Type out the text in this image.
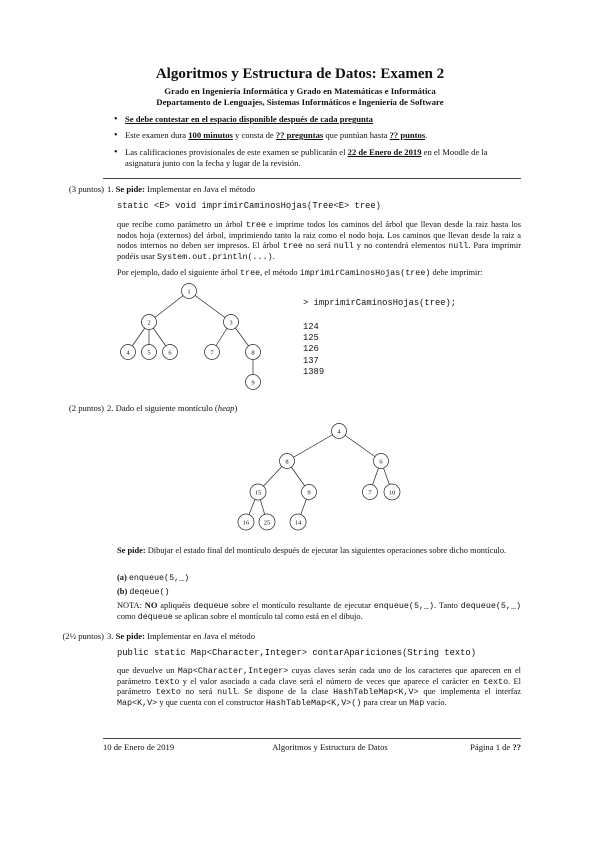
Algoritmos y Estructura de Datos: Examen 2
Grado en Ingeniería Informática y Grado en Matemáticas e Informática
Departamento de Lenguajes, Sistemas Informáticos e Ingeniería de Software
• Se debe contestar en el espacio disponible después de cada pregunta
• Este examen dura 100 minutos y consta de ?? preguntas que puntúan hasta ?? puntos.
• Las calificaciones provisionales de este examen se publicarán el 22 de Enero de 2019 en el Moodle de la asignatura junto con la fecha y lugar de la revisión.
(3 puntos) 1. Se pide: Implementar en Java el método
static <E> void imprimirCaminosHojas(Tree<E> tree)
que recibe como parámetro un árbol tree e imprime todos los caminos del árbol que llevan desde la raiz hasta los nodos hoja (externos) del árbol, imprimiendo tanto la raiz como el nodo hoja. Los caminos que llevan desde la raiz a nodos internos no deben ser impresos. El árbol tree no será null y no contendrá elementos null. Para imprimir podéis usar System.out.println(...).
Por ejemplo, dado el siguiente árbol tree, el método imprimirCaminosHojas(tree) debe imprimir:
1
2	3
4	5	6	7	8
9
4
8	6
15	9	7	10
16 25	14
> imprimirCaminosHojas(tree);
124
125
126
137
1389
(2 puntos) 2. Dado el siguiente montículo (heap)
Se pide: Dibujar el estado final del montículo después de ejecutar las siguientes operaciones sobre dicho montículo.
(a) enqueue(5,_)
(b) deqeue()
NOTA: NO apliquéis dequeue sobre el montículo resultante de ejecutar enqueue(5,_). Tanto dequeue(5,_) como dequeue se aplican sobre el montículo tal como está en el dibujo.
(2½ puntos) 3. Se pide: Implementar en Java el método
public static Map<Character,Integer> contarApariciones(String texto)
que devuelve un Map<Character,Integer> cuyas claves serán cada uno de los caracteres que aparecen en el parámetro texto y el valor asociado a cada clave será el número de veces que aparece el carácter en texto. El parámetro texto no será null. Se dispone de la clase HashTableMap<K,V> que implementa el interfaz Map<K,V> y que cuenta con el constructor HashTableMap<K,V>() para crear un Map vacío.
10 de Enero de 2019	Algoritmos y Estructura de Datos	Página 1 de ??
